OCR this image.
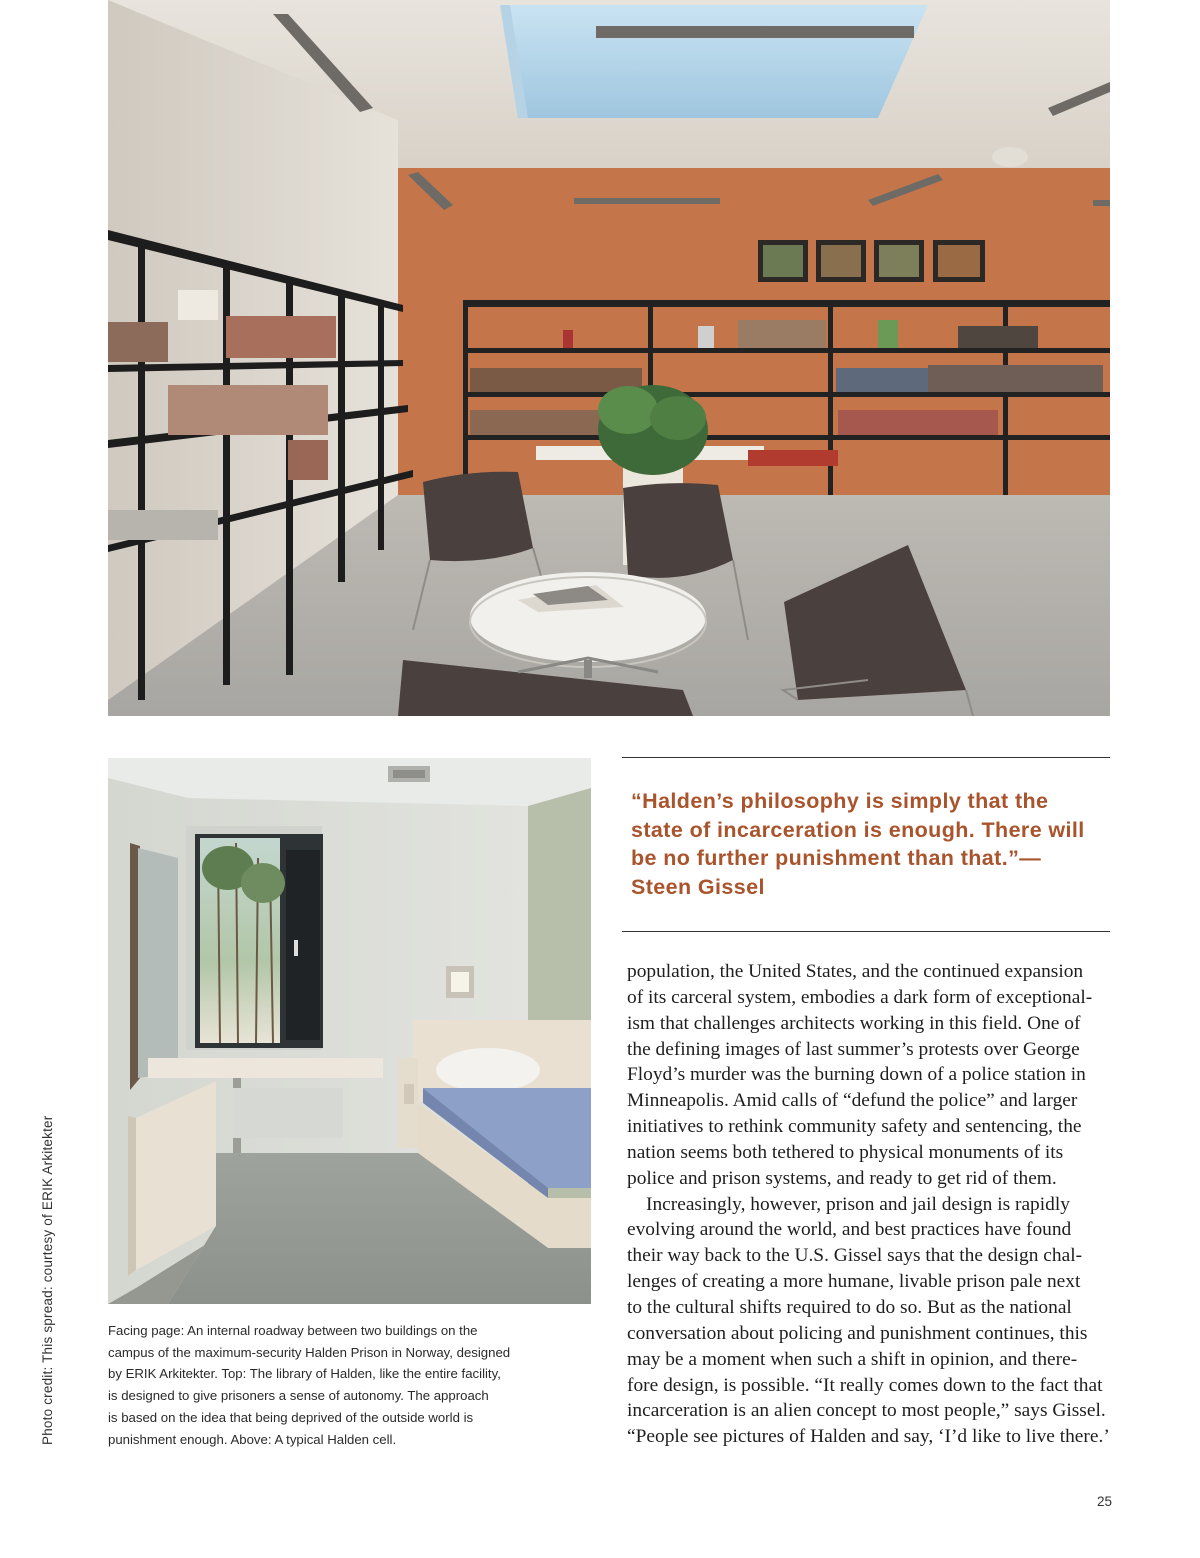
Facing page: An internal roadway between two buildings on the
campus of the maximum-security Halden Prison in Norway, designed
by ERIK Arkitekter. Top: The library of Halden, like the entire facility,
is designed to give prisoners a sense of autonomy. The approach
is based on the idea that being deprived of the outside world is
punishment enough. Above: A typical Halden cell.

Photo credit: This spread: courtesy of ERIK Arkitekter

“Halden’s philosophy is simply that the state of incarceration is enough. There will be no further punishment than that.”—Steen Gissel

population, the United States, and the continued expansion
of its carceral system, embodies a dark form of exceptional-
ism that challenges architects working in this field. One of
the defining images of last summer’s protests over George
Floyd’s murder was the burning down of a police station in
Minneapolis. Amid calls of “defund the police” and larger
initiatives to rethink community safety and sentencing, the
nation seems both tethered to physical monuments of its
police and prison systems, and ready to get rid of them.
Increasingly, however, prison and jail design is rapidly
evolving around the world, and best practices have found
their way back to the U.S. Gissel says that the design chal-
lenges of creating a more humane, livable prison pale next
to the cultural shifts required to do so. But as the national
conversation about policing and punishment continues, this
may be a moment when such a shift in opinion, and there-
fore design, is possible. “It really comes down to the fact that
incarceration is an alien concept to most people,” says Gissel.
“People see pictures of Halden and say, ‘I’d like to live there.’
25
